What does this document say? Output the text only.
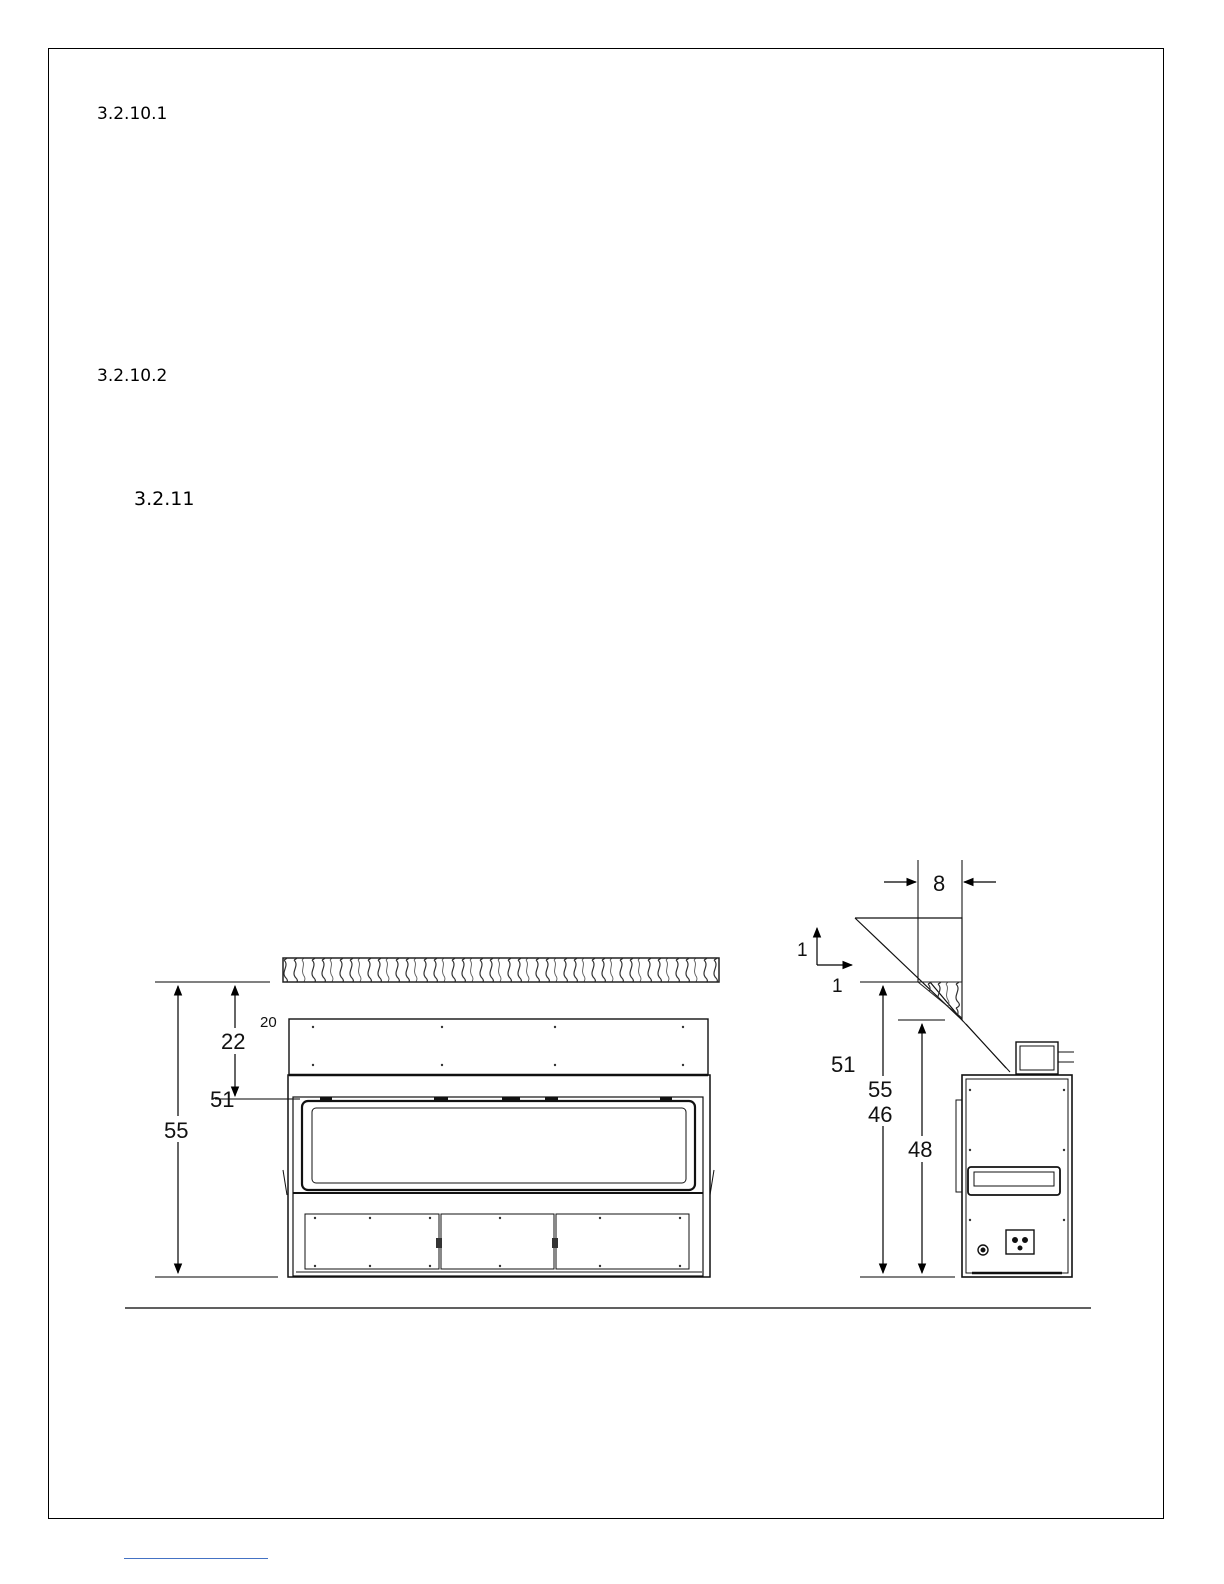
3.2.10.1
3.2.10.2
3.2.11
55
22
20
51
8
1
1
55
46
51
48
